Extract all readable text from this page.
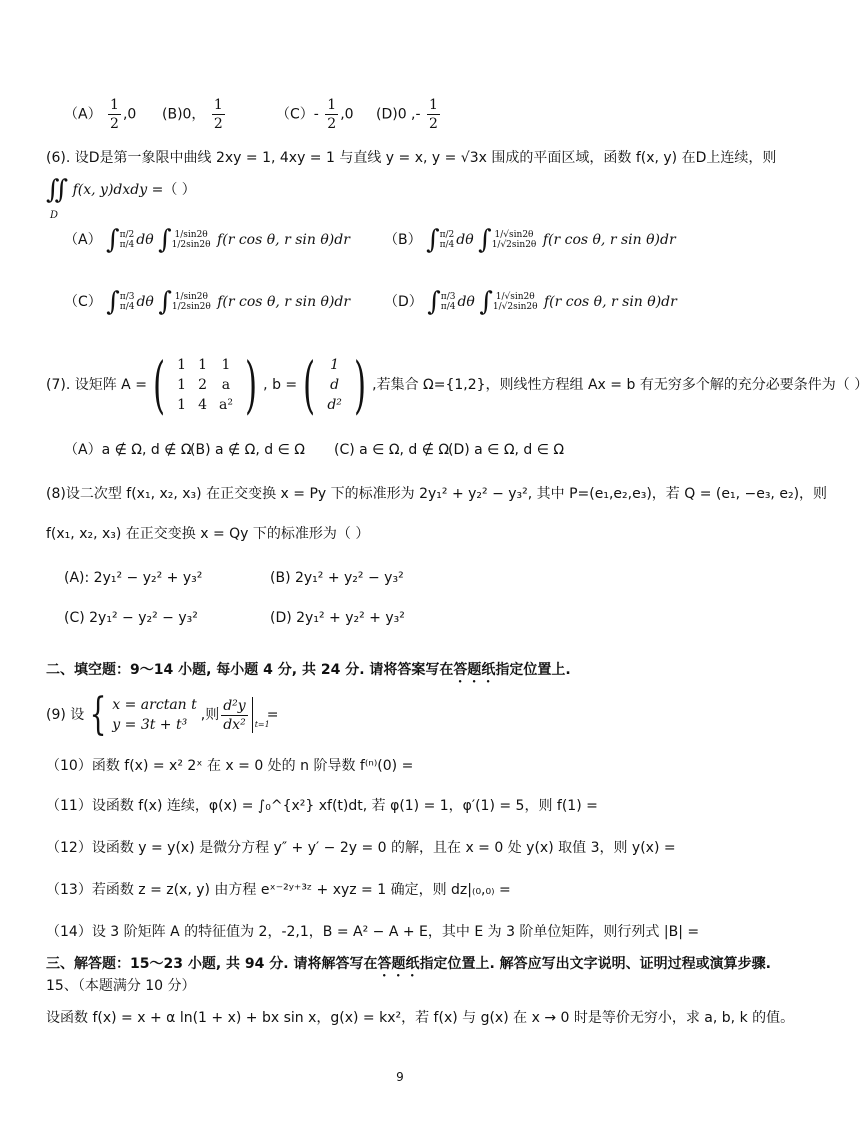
$(A) \frac{1}{2} ,0$ (B)0， $\frac{1}{2}$	$(C)- \frac{1}{2} ,0$ (D)0 ,- $\frac{1}{2}$
(6). 设D是第一象限中曲线 2xy = 1, 4xy = 1 与直线 y = x, y = √3x 围成的平面区域，函数 f(x, y) 在D上连续，则
∬ f(x, y)dxdy =（ ）
D
（A） ∫ π/2
π/4 dθ ∫ 1/sin2θ
1/2sin2θ f(r cos θ, r sin θ)dr （B） ∫ π/2
π/4 dθ ∫ 1/√sin2θ
1/√2sin2θ f(r cos θ, r sin θ)dr
（C） ∫ π/3
π/4 dθ ∫ 1/sin2θ
1/2sin2θ f(r cos θ, r sin θ)dr （D） ∫ π/3
π/4 dθ ∫ 1/√sin2θ
1/√2sin2θ f(r cos θ, r sin θ)dr
(7). 设矩阵 A = ( 1 1	1
1 2	a
1 4 a² ) , b = (	1
d
d² ) ,若集合 Ω={1,2}，则线性方程组 Ax = b 有无穷多个解的充分必要条件为（ ）
（A）a ∉ Ω, d ∉ Ω
(B) a ∉ Ω, d ∈ Ω (C) a ∈ Ω, d ∉ Ω
(D) a ∈ Ω, d ∈ Ω
(8)设二次型 f(x₁, x₂, x₃) 在正交变换 x = Py 下的标准形为 2y₁² + y₂² − y₃², 其中 P=(e₁,e₂,e₃)，若 Q = (e₁, −e₃, e₂)，则
f(x₁, x₂, x₃) 在正交变换 x = Qy 下的标准形为（ ）
(A): 2y₁² − y₂² + y₃²	(B) 2y₁² + y₂² − y₃²
(C) 2y₁² − y₂² − y₃²	(D) 2y₁² + y₂² + y₃²
二、填空题：9～14 小题, 每小题 4 分, 共 24 分. 请将答案写在答题纸指定位置上.
(9) 设 { x = arctan t
y = 3t + t³
,则 $\frac{\text{d²y}}{\text{dx²}} t=1$
=
（10）函数 f(x) = x² 2ˣ 在 x = 0 处的 n 阶导数 f⁽ⁿ⁾(0) =
（11）设函数 f(x) 连续，φ(x) = ∫₀^{x²} xf(t)dt, 若 φ(1) = 1，φ′(1) = 5，则 f(1) =
（12）设函数 y = y(x) 是微分方程 y″ + y′ − 2y = 0 的解，且在 x = 0 处 y(x) 取值 3，则 y(x) =
（13）若函数 z = z(x, y) 由方程 eˣ⁻²ʸ⁺³ᶻ + xyz = 1 确定，则 dz|₍₀,₀₎ =
（14）设 3 阶矩阵 A 的特征值为 2，-2,1，B = A² − A + E，其中 E 为 3 阶单位矩阵，则行列式 |B| =
三、解答题：15～23 小题, 共 94 分. 请将解答写在答题纸指定位置上. 解答应写出文字说明、证明过程或演算步骤.
15、（本题满分 10 分）
设函数 f(x) = x + α ln(1 + x) + bx sin x，g(x) = kx²，若 f(x) 与 g(x) 在 x → 0 时是等价无穷小，求 a, b, k 的值。
9
